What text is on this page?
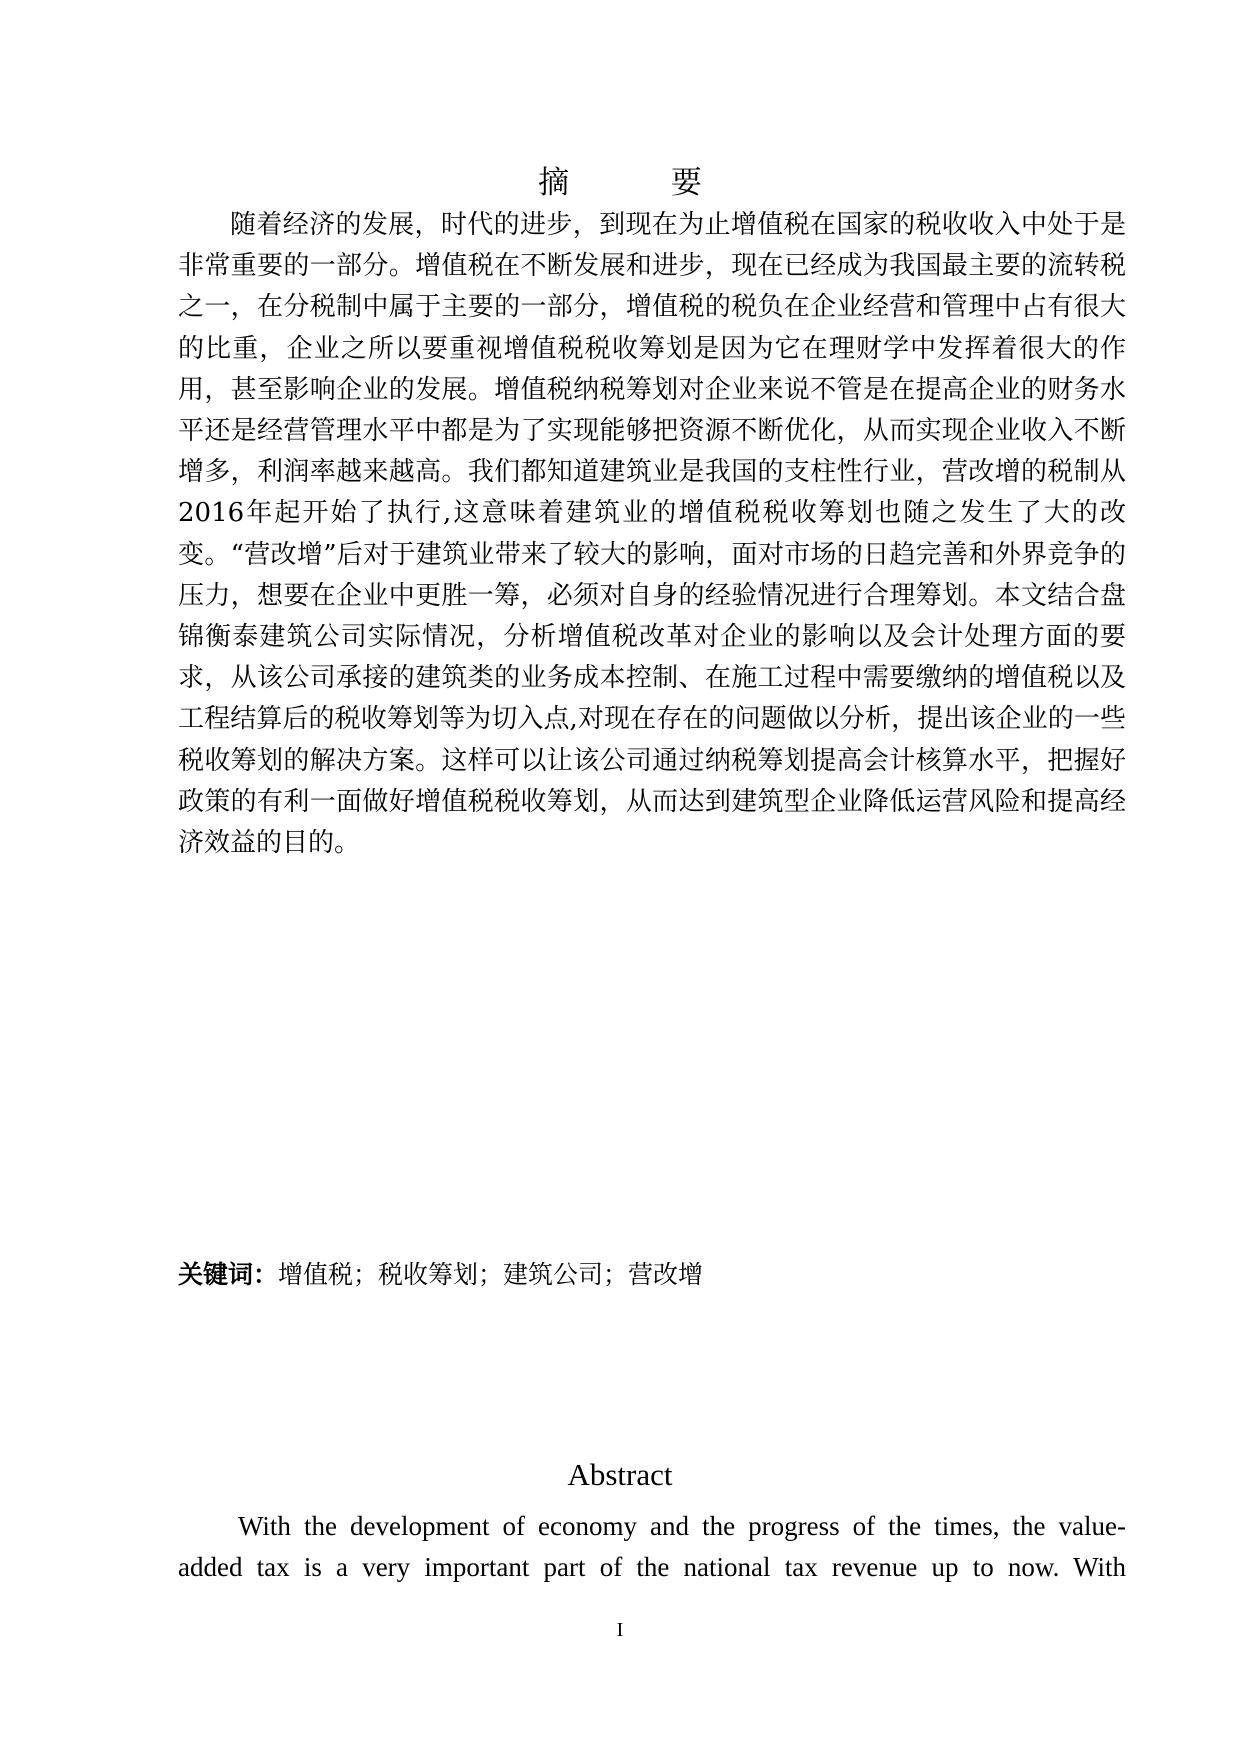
摘 要

随着经济的发展，时代的进步，到现在为止增值税在国家的税收收入中处于是非常重要的一部分。增值税在不断发展和进步，现在已经成为我国最主要的流转税之一，在分税制中属于主要的一部分，增值税的税负在企业经营和管理中占有很大的比重，企业之所以要重视增值税税收筹划是因为它在理财学中发挥着很大的作用，甚至影响企业的发展。增值税纳税筹划对企业来说不管是在提高企业的财务水平还是经营管理水平中都是为了实现能够把资源不断优化，从而实现企业收入不断增多，利润率越来越高。我们都知道建筑业是我国的支柱性行业，营改增的税制从2016年起开始了执行,这意味着建筑业的增值税税收筹划也随之发生了大的改变。“营改增”后对于建筑业带来了较大的影响，面对市场的日趋完善和外界竞争的压力，想要在企业中更胜一筹，必须对自身的经验情况进行合理筹划。本文结合盘锦衡泰建筑公司实际情况，分析增值税改革对企业的影响以及会计处理方面的要求，从该公司承接的建筑类的业务成本控制、在施工过程中需要缴纳的增值税以及工程结算后的税收筹划等为切入点,对现在存在的问题做以分析，提出该企业的一些税收筹划的解决方案。这样可以让该公司通过纳税筹划提高会计核算水平，把握好政策的有利一面做好增值税税收筹划，从而达到建筑型企业降低运营风险和提高经济效益的目的。

关键词：增值税；税收筹划；建筑公司；营改增
Abstract

With the development of economy and the progress of the times, the value-
added tax is a very important part of the national tax revenue up to now. With

I
